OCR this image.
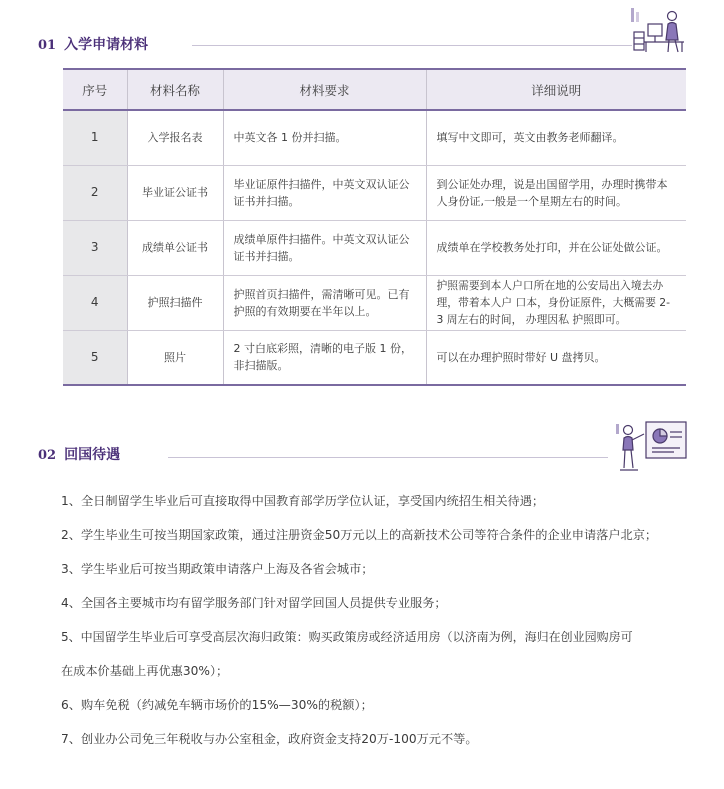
01 入学申请材料
序号	材料名称	材料要求	详细说明
1	入学报名表	中英文各 1 份并扫描。	填写中文即可，英文由教务老师翻译。
2	毕业证公证书	毕业证原件扫描件，中英文双认证公证书并扫描。	到公证处办理，说是出国留学用，办理时携带本人身份证,一般是一个星期左右的时间。
3	成绩单公证书	成绩单原件扫描件。中英文双认证公证书并扫描。	成绩单在学校教务处打印，并在公证处做公证。
4	护照扫描件	护照首页扫描件，需清晰可见。已有护照的有效期要在半年以上。	护照需要到本人户口所在地的公安局出入境去办理，带着本人户 口本，身份证原件，大概需要 2-3 周左右的时间， 办理因私 护照即可。
5	照片	2 寸白底彩照，清晰的电子版 1 份， 非扫描版。	可以在办理护照时带好 U 盘拷贝。
02 回国待遇
1、全日制留学生毕业后可直接取得中国教育部学历学位认证，享受国内统招生相关待遇；
2、学生毕业生可按当期国家政策，通过注册资金50万元以上的高新技术公司等符合条件的企业申请落户北京；
3、学生毕业后可按当期政策申请落户上海及各省会城市；
4、全国各主要城市均有留学服务部门针对留学回国人员提供专业服务；
5、中国留学生毕业后可享受高层次海归政策：购买政策房或经济适用房（以济南为例，海归在创业园购房可
在成本价基础上再优惠30%）；
6、购车免税（约减免车辆市场价的15%—30%的税额）；
7、创业办公司免三年税收与办公室租金，政府资金支持20万-100万元不等。
